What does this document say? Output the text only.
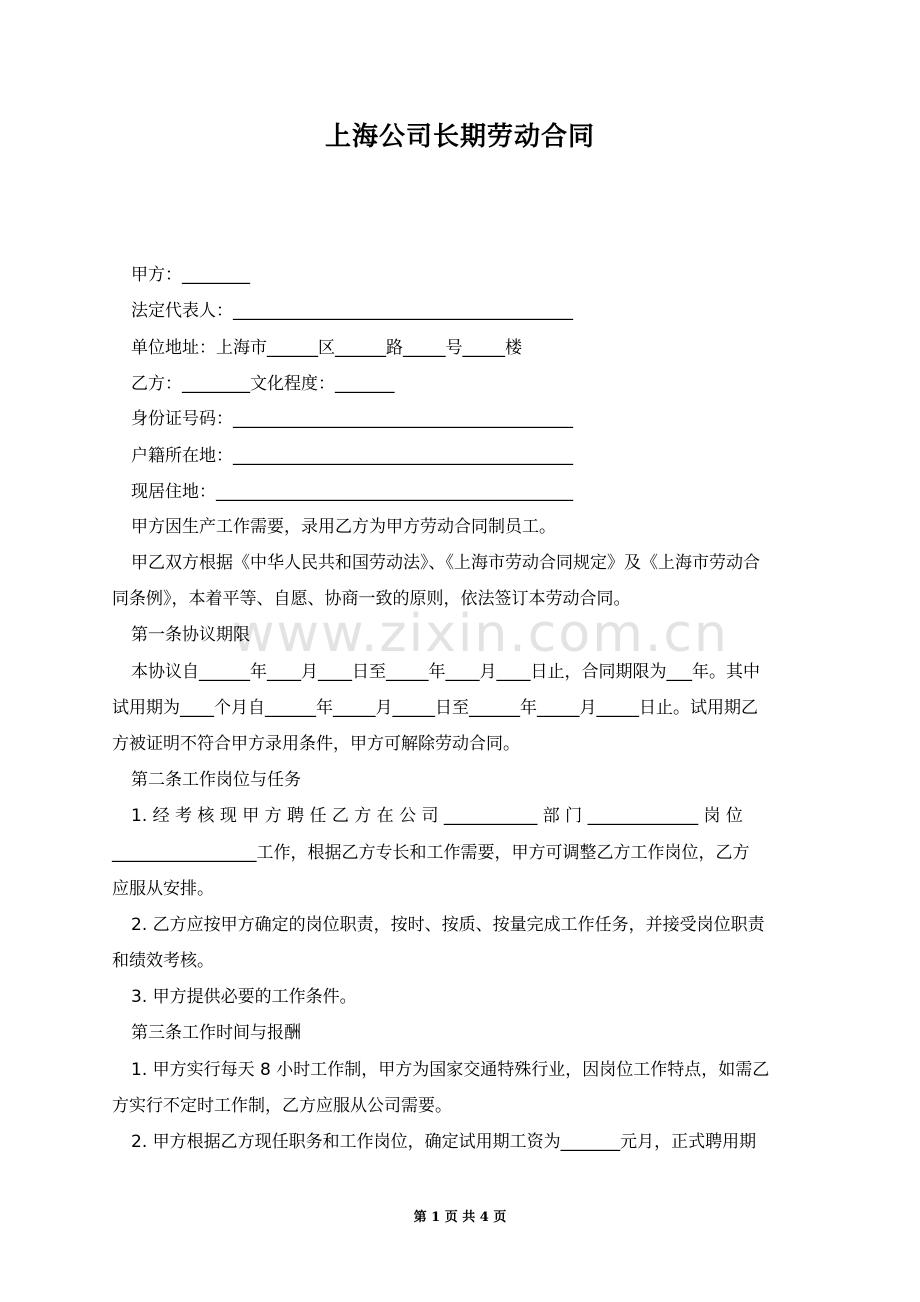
www.zixin.com.cn
上海公司长期劳动合同
甲方：________
法定代表人：________________________________________
单位地址：上海市______区______路_____号_____楼
乙方：________文化程度：_______
身份证号码：________________________________________
户籍所在地：________________________________________
现居住地：__________________________________________
甲方因生产工作需要，录用乙方为甲方劳动合同制员工。
甲乙双方根据《中华人民共和国劳动法》、《上海市劳动合同规定》及《上海市劳动合
同条例》，本着平等、自愿、协商一致的原则，依法签订本劳动合同。
第一条协议期限
本协议自______年____月____日至_____年____月____日止，合同期限为___年。其中
试用期为____个月自______年_____月_____日至______年_____月_____日止。试用期乙
方被证明不符合甲方录用条件，甲方可解除劳动合同。
第二条工作岗位与任务
1. 经 考 核 现 甲 方 聘 任 乙 方 在 公 司 ___________ 部 门 _____________ 岗 位
_________________工作，根据乙方专长和工作需要，甲方可调整乙方工作岗位，乙方
应服从安排。
2. 乙方应按甲方确定的岗位职责，按时、按质、按量完成工作任务，并接受岗位职责
和绩效考核。
3. 甲方提供必要的工作条件。
第三条工作时间与报酬
1. 甲方实行每天 8 小时工作制，甲方为国家交通特殊行业，因岗位工作特点，如需乙
方实行不定时工作制，乙方应服从公司需要。
2. 甲方根据乙方现任职务和工作岗位，确定试用期工资为_______元月，正式聘用期
第 1 页 共 4 页
